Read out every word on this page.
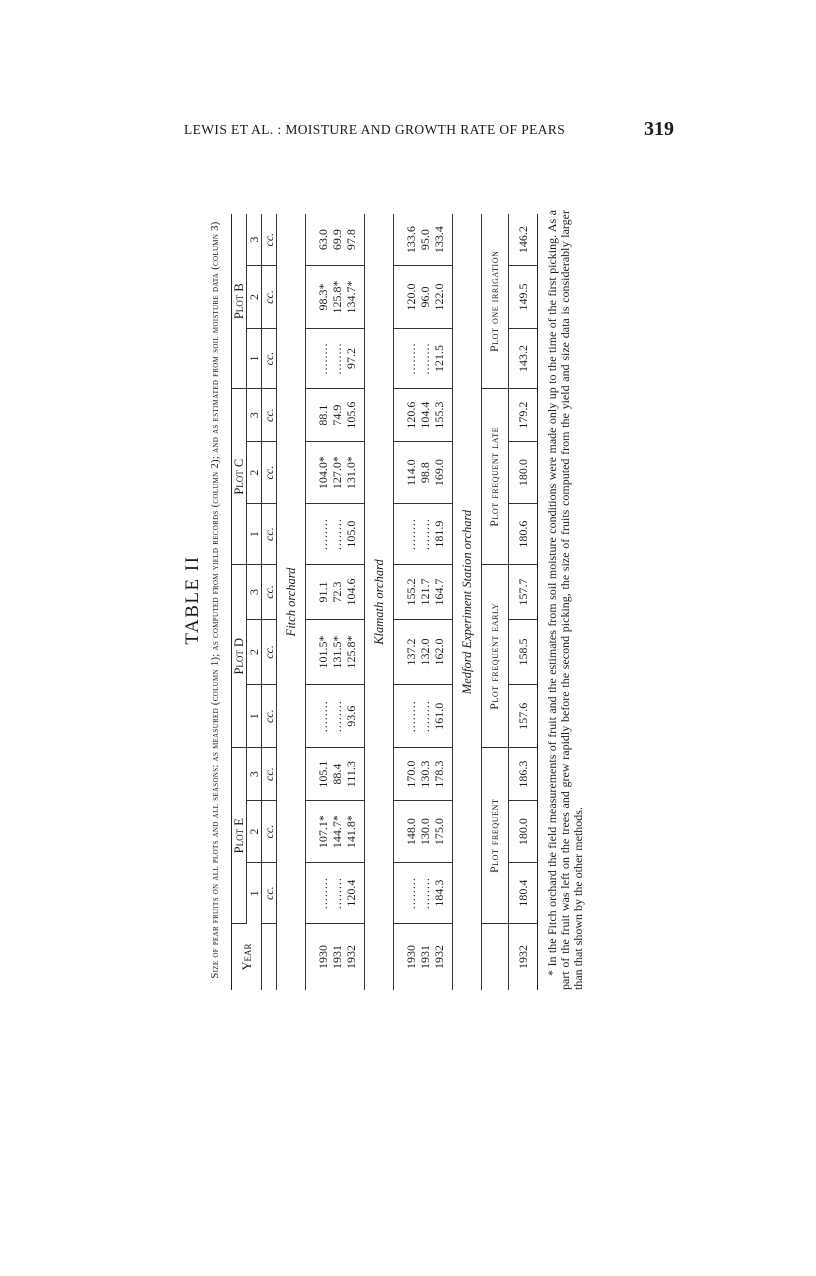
LEWIS ET AL. : MOISTURE AND GROWTH RATE OF PEARS	319
TABLE II Size of pear fruits on all plots and all seasons: as measured (column 1); as computed from yield records (column 2); and as estimated from soil moisture data (column 3) Year	Plot E			Plot D			Plot C			Plot B		
	1	2	3	1	2	3	1	2	3	1	2	3
	cc.	cc.	cc.	cc.	cc.	cc.	cc.	cc.	cc.	cc.	cc.	cc.
Fitch orchard												
1930	........	107.1*	105.1	........	101.5*	91.1	........	104.0*	88.1	........	98.3*	63.0
1931	........	144.7*	88.4	........	131.5*	72.3	........	127.0*	74.9	........	125.8*	69.9
1932	120.4	141.8*	111.3	93.6	125.8*	104.6	105.0	131.0*	105.6	97.2	134.7*	97.8
Klamath orchard												
1930	........	148.0	170.0	........	137.2	155.2	........	114.0	120.6	........	120.0	133.6
1931	........	130.0	130.3	........	132.0	121.7	........	98.8	104.4	........	96.0	95.0
1932	184.3	175.0	178.3	161.0	162.0	164.7	181.9	169.0	155.3	121.5	122.0	133.4
Medford Experiment Station orchard												
	Plot frequent			Plot frequent early			Plot frequent late			Plot one irrigation		
1932	180.4	180.0	186.3	157.6	158.5	157.7	180.6	180.0	179.2	143.2	149.5	146.2 * In the Fitch orchard the field measurements of fruit and the estimates from soil moisture conditions were made only up to the time of the first picking. As a part of the fruit was left on the trees and grew rapidly before the second picking, the size of fruits computed from the yield and size data is considerably larger than that shown by the other methods.
